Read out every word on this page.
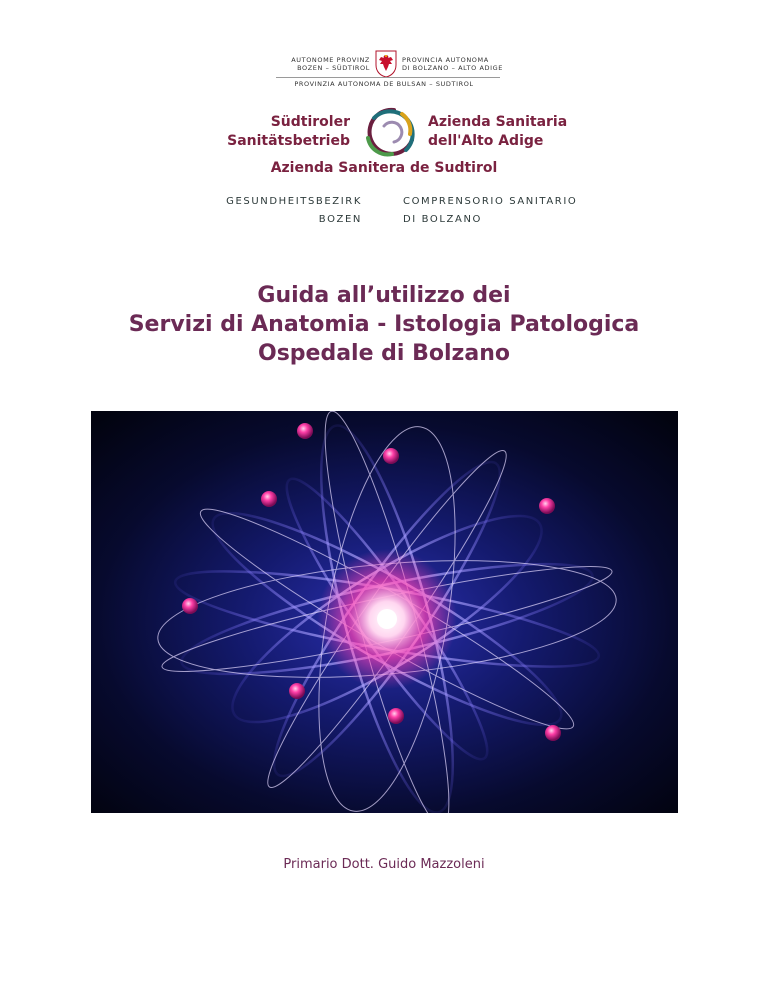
AUTONOME PROVINZ
BOZEN – SÜDTIROL
PROVINCIA AUTONOMA
DI BOLZANO – ALTO ADIGE
PROVINZIA AUTONOMA DE BULSAN – SUDTIROL
Südtiroler
Sanitätsbetrieb
Azienda Sanitaria
dell'Alto Adige
Azienda Sanitera de Sudtirol
GESUNDHEITSBEZIRK
BOZEN
COMPRENSORIO SANITARIO
DI BOLZANO
Guida all’utilizzo dei
Servizi di Anatomia - Istologia Patologica
Ospedale di Bolzano
Primario Dott. Guido Mazzoleni
